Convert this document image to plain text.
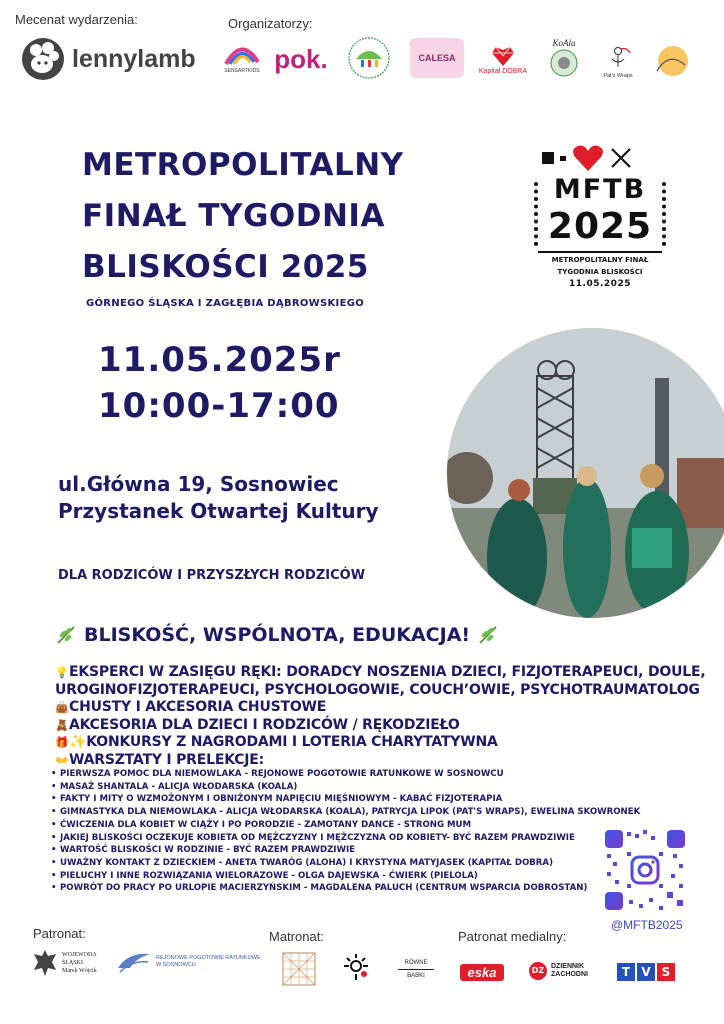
Mecenat wydarzenia:
lennylamb
Organizatorzy:
SENSARTKIDS pok.	CALESA
Kapitał DOBRA
KoAla
Pat's Wraps
METROPOLITALNY
FINAŁ TYGODNIA
BLISKOŚCI 2025
GÓRNEGO ŚLĄSKA I ZAGŁĘBIA DĄBROWSKIEGO
MFTB
2025
METROPOLITALNY FINAŁ
TYGODNIA BLISKOŚCI
11.05.2025
11.05.2025r
10:00-17:00
ul.Główna 19, Sosnowiec
Przystanek Otwartej Kultury
DLA RODZICÓW I PRZYSZŁYCH RODZICÓW
BLISKOŚĆ, WSPÓLNOTA, EDUKACJA!
💡EKSPERCI W ZASIĘGU RĘKI: DORADCY NOSZENIA DZIECI, FIZJOTERAPEUCI, DOULE,
UROGINOFIZJOTERAPEUCI, PSYCHOLOGOWIE, COUCH’OWIE, PSYCHOTRAUMATOLOG
👜CHUSTY I AKCESORIA CHUSTOWE
🧸AKCESORIA DLA DZIECI I RODZICÓW / RĘKODZIEŁO
🎁✨KONKURSY Z NAGRODAMI I LOTERIA CHARYTATYWNA
👐WARSZTATY I PRELEKCJE:
• PIERWSZA POMOC DLA NIEMOWLAKA - REJONOWE POGOTOWIE RATUNKOWE W SOSNOWCU
• MASAŻ SHANTALA - ALICJA WŁODARSKA (KOALA)
• FAKTY I MITY O WZMOŻONYM I OBNIŻONYM NAPIĘCIU MIĘŚNIOWYM - KABAĆ FIZJOTERAPIA
• GIMNASTYKA DLA NIEMOWLAKA - ALICJA WŁODARSKA (KOALA), PATRYCJA LIPOK (PAT'S WRAPS), EWELINA SKOWRONEK
• ĆWICZENIA DLA KOBIET W CIĄŻY I PO PORODZIE - ZAMOTANY DANCE - STRONG MUM
• JAKIEJ BLISKOŚCI OCZEKUJE KOBIETA OD MĘŻCZYZNY I MĘŻCZYZNA OD KOBIETY- BYĆ RAZEM PRAWDZIWIE
• WARTOŚĆ BLISKOŚCI W RODZINIE - BYĆ RAZEM PRAWDZIWIE
• UWAŻNY KONTAKT Z DZIECKIEM - ANETA TWARÓG (ALOHA) I KRYSTYNA MATYJASEK (KAPITAŁ DOBRA)
• PIELUCHY I INNE ROZWIĄZANIA WIELORAZOWE - OLGA DAJEWSKA - ĆWIERK (PIELOLA)
• POWRÓT DO PRACY PO URLOPIE MACIERZYŃSKIM - MAGDALENA PALUCH (CENTRUM WSPARCIA DOBROSTAN)
@MFTB2025
Patronat:
WOJEWODA
ŚLĄSKI
Marek Wójcik
REJONOWE POGOTOWIE RATUNKOWE
W SOSNOWCU
Matronat:
RÓWNE
BABKI
Patronat medialny:
eska	DZ DZIENNIK
ZACHODNI	T V S
